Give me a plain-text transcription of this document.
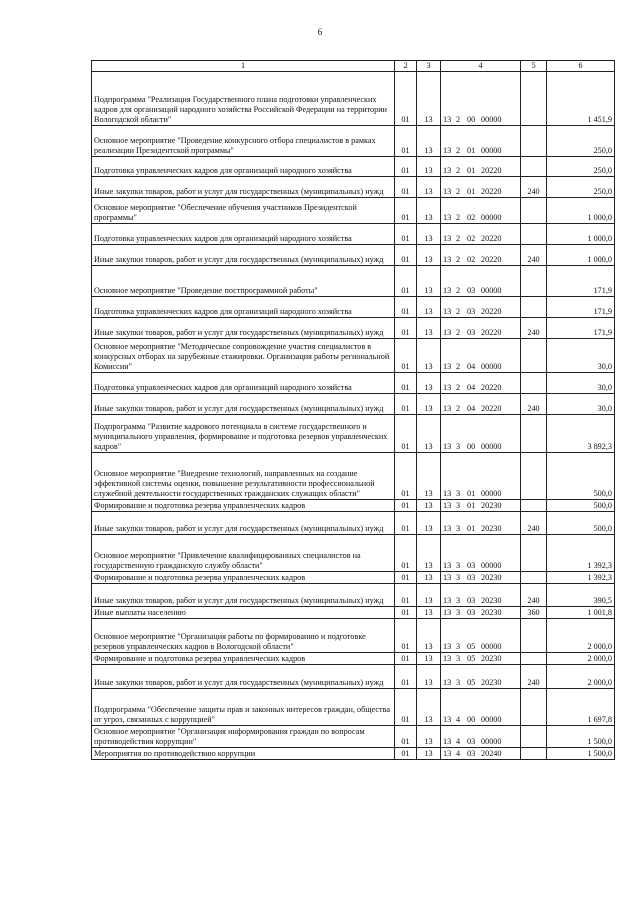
6
1	2	3	4	5	6
Подпрограмма "Реализация Государственного плана подготовки управленческих кадров для организаций народного хозяйства Российской Федерации на территории Вологодской области"	01	13	13 2 00 00000		1 451,9
Основное мероприятие "Проведение конкурсного отбора специалистов в рамках реализации Президентской программы"	01	13	13 2 01 00000		250,0
Подготовка управленческих кадров для организаций народного хозяйства	01	13	13 2 01 20220		250,0
Иные закупки товаров, работ и услуг для государственных (муниципальных) нужд	01	13	13 2 01 20220	240	250,0
Основное мероприятие "Обеспечение обучения участников Президентской программы"	01	13	13 2 02 00000		1 000,0
Подготовка управленческих кадров для организаций народного хозяйства	01	13	13 2 02 20220		1 000,0
Иные закупки товаров, работ и услуг для государственных (муниципальных) нужд	01	13	13 2 02 20220	240	1 000,0
Основное мероприятие "Проведение постпрограммной работы"	01	13	13 2 03 00000		171,9
Подготовка управленческих кадров для организаций народного хозяйства	01	13	13 2 03 20220		171,9
Иные закупки товаров, работ и услуг для государственных (муниципальных) нужд	01	13	13 2 03 20220	240	171,9
Основное мероприятие "Методическое сопровождение участия специалистов в конкурсных отборах на зарубежные стажировки. Организация работы региональной Комиссии"	01	13	13 2 04 00000		30,0
Подготовка управленческих кадров для организаций народного хозяйства	01	13	13 2 04 20220		30,0
Иные закупки товаров, работ и услуг для государственных (муниципальных) нужд	01	13	13 2 04 20220	240	30,0
Подпрограмма "Развитие кадрового потенциала в системе государственного и муниципального управления, формирование и подготовка резервов управленческих кадров"	01	13	13 3 00 00000		3 892,3
Основное мероприятие "Внедрение технологий, направленных на создание эффективной системы оценки, повышение результативности профессиональной служебной деятельности государственных гражданских служащих области"	01	13	13 3 01 00000		500,0
Формирование и подготовка резерва управленческих кадров	01	13	13 3 01 20230		500,0
Иные закупки товаров, работ и услуг для государственных (муниципальных) нужд	01	13	13 3 01 20230	240	500,0
Основное мероприятие "Привлечение квалифицированных специалистов на государственную гражданскую службу области"	01	13	13 3 03 00000		1 392,3
Формирование и подготовка резерва управленческих кадров	01	13	13 3 03 20230		1 392,3
Иные закупки товаров, работ и услуг для государственных (муниципальных) нужд	01	13	13 3 03 20230	240	390,5
Иные выплаты населению	01	13	13 3 03 20230	360	1 001,8
Основное мероприятие "Организация работы по формированию и подготовке резервов управленческих кадров в Вологодской области"	01	13	13 3 05 00000		2 000,0
Формирование и подготовка резерва управленческих кадров	01	13	13 3 05 20230		2 000,0
Иные закупки товаров, работ и услуг для государственных (муниципальных) нужд	01	13	13 3 05 20230	240	2 000,0
Подпрограмма "Обеспечение защиты прав и законных интересов граждан, общества от угроз, связанных с коррупцией"	01	13	13 4 00 00000		1 697,8
Основное мероприятие "Организация информирования граждан по вопросам противодействия коррупции"	01	13	13 4 03 00000		1 500,0
Мероприятия по противодействию коррупции	01	13	13 4 03 20240		1 500,0
